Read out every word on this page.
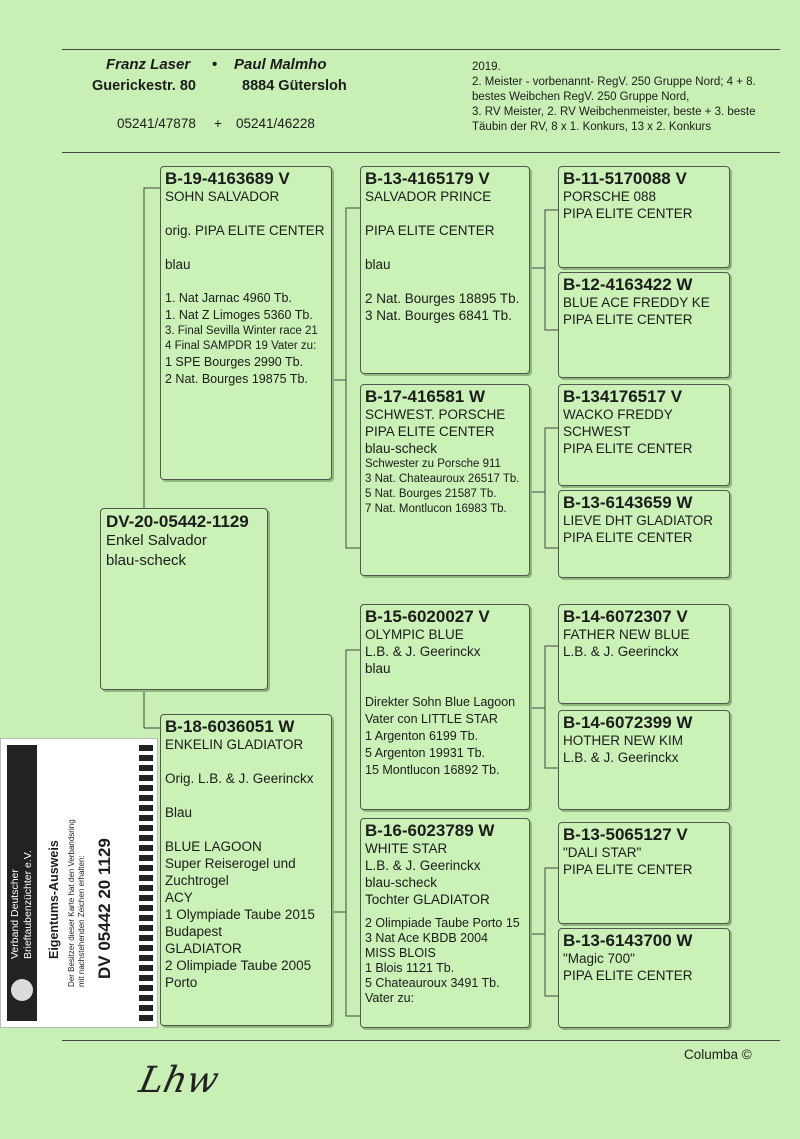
Franz Laser • Paul Malmho
Guerickestr. 80	8884 Gütersloh
05241/47878 + 05241/46228
2019.
2. Meister - vorbenannt- RegV. 250 Gruppe Nord; 4 + 8.
bestes Weibchen RegV. 250 Gruppe Nord,
3. RV Meister, 2. RV Weibchenmeister, beste + 3. beste
Täubin der RV, 8 x 1. Konkurs, 13 x 2. Konkurs
DV-20-05442-1129
Enkel Salvador
blau-scheck
B-19-4163689 V
SOHN SALVADOR
orig. PIPA ELITE CENTER
blau
1. Nat Jarnac 4960 Tb.
1. Nat Z Limoges 5360 Tb.
3. Final Sevilla Winter race 21
4 Final SAMPDR 19 Vater zu:
1 SPE Bourges 2990 Tb.
2 Nat. Bourges 19875 Tb.
B-18-6036051 W
ENKELIN GLADIATOR
Orig. L.B. & J. Geerinckx
Blau
BLUE LAGOON
Super Reiserogel und
Zuchtrogel
ACY
1 Olympiade Taube 2015
Budapest
GLADIATOR
2 Olimpiade Taube 2005
Porto
B-13-4165179 V
SALVADOR PRINCE
PIPA ELITE CENTER
blau
2 Nat. Bourges 18895 Tb.
3 Nat. Bourges 6841 Tb.
B-17-416581 W
SCHWEST. PORSCHE
PIPA ELITE CENTER
blau-scheck
Schwester zu Porsche 911
3 Nat. Chateauroux 26517 Tb.
5 Nat. Bourges 21587 Tb.
7 Nat. Montlucon 16983 Tb.
B-15-6020027 V
OLYMPIC BLUE
L.B. & J. Geerinckx
blau
Direkter Sohn Blue Lagoon
Vater con LITTLE STAR
1 Argenton 6199 Tb.
5 Argenton 19931 Tb.
15 Montlucon 16892 Tb.
B-16-6023789 W
WHITE STAR
L.B. & J. Geerinckx
blau-scheck
Tochter GLADIATOR
2 Olimpiade Taube Porto 15
3 Nat Ace KBDB 2004
MISS BLOIS
1 Blois 1121 Tb.
5 Chateauroux 3491 Tb.
Vater zu:
B-11-5170088 V
PORSCHE 088
PIPA ELITE CENTER
B-12-4163422 W
BLUE ACE FREDDY KE
PIPA ELITE CENTER
B-134176517 V
WACKO FREDDY
SCHWEST
PIPA ELITE CENTER
B-13-6143659 W
LIEVE DHT GLADIATOR
PIPA ELITE CENTER
B-14-6072307 V
FATHER NEW BLUE
L.B. & J. Geerinckx
B-14-6072399 W
HOTHER NEW KIM
L.B. & J. Geerinckx
B-13-5065127 V
"DALI STAR"
PIPA ELITE CENTER
B-13-6143700 W
"Magic 700"
PIPA ELITE CENTER
Verband Deutscher Brieftaubenzüchter e.V. Eigentums-Ausweis Der Besitzer dieser Karte hat den Verbandsring mit nachstehenden Zeichen erhalten: DV 05442 20 1129
Columba ©
Lhw
